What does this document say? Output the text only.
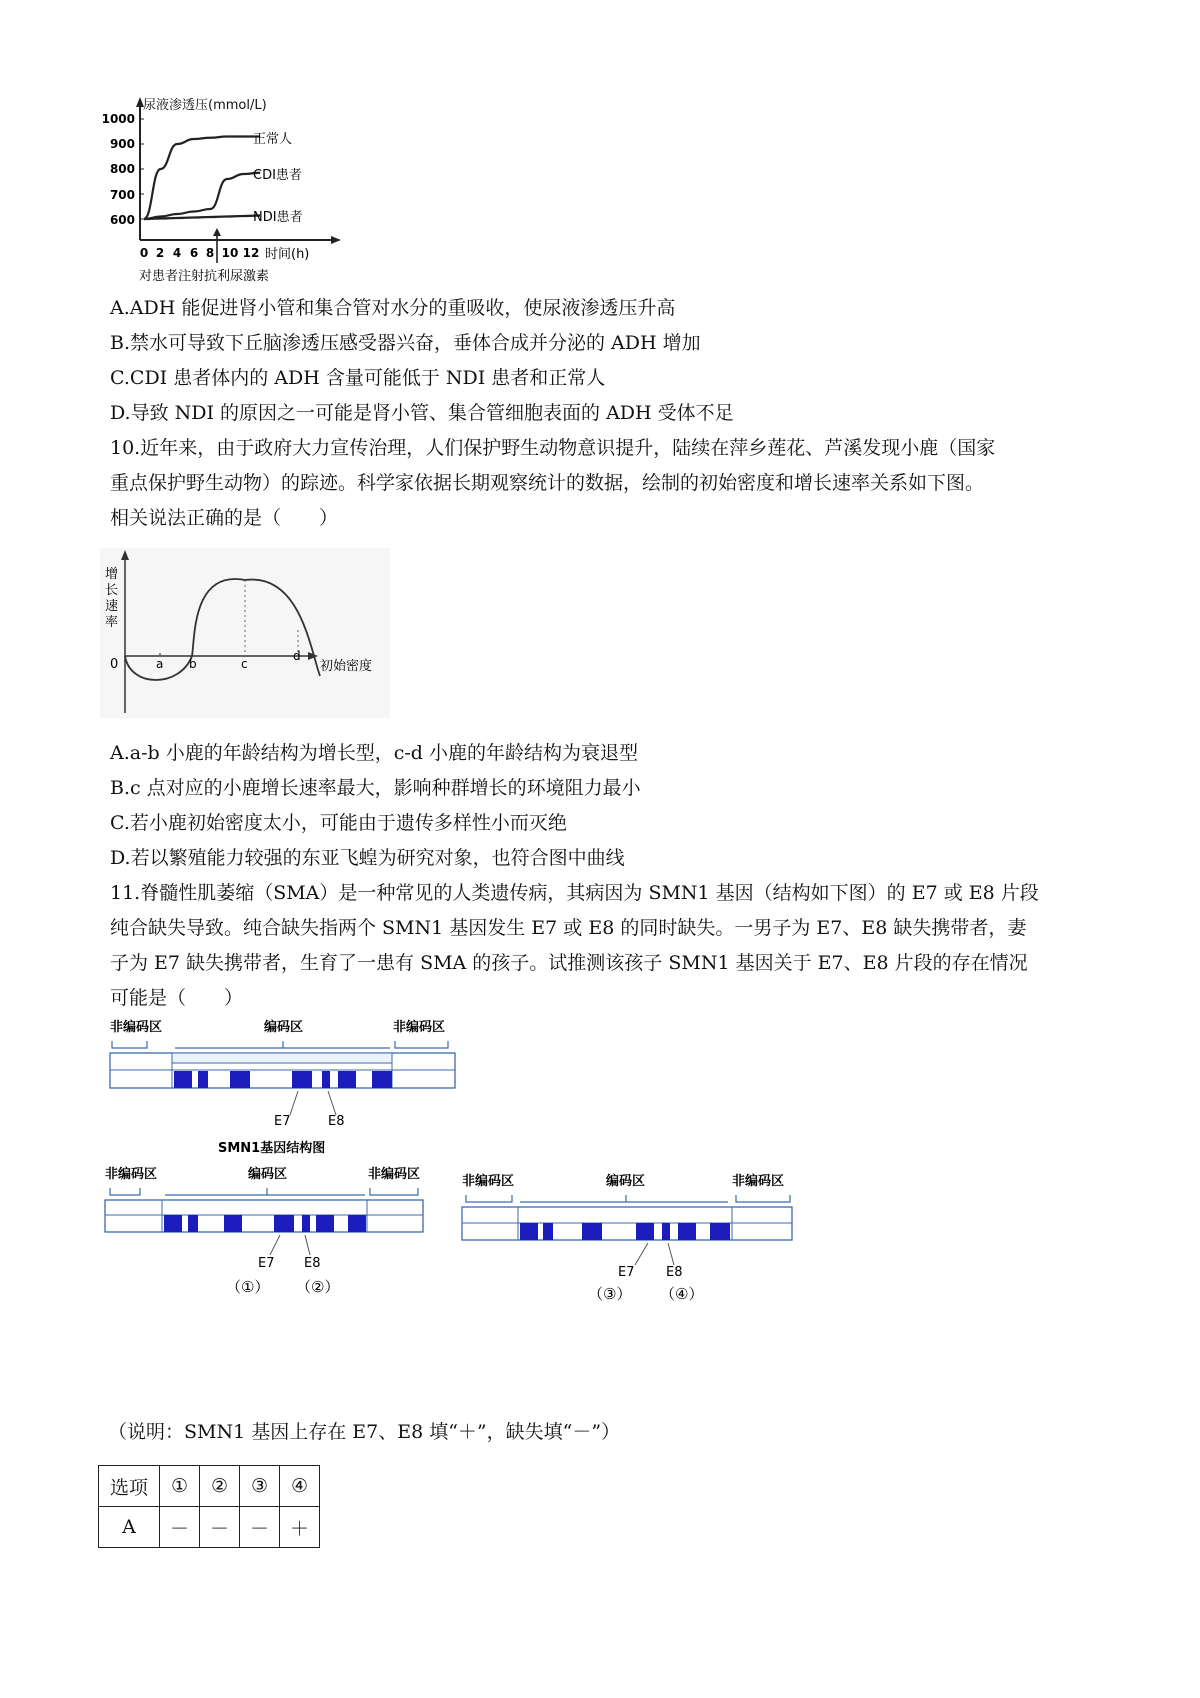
尿液渗透压(mmol/L)
1000
900
800
700
600
0 2 4 6 8 10 12 时间(h)
对患者注射抗利尿激素
正常人
CDI患者
NDI患者
A.ADH 能促进肾小管和集合管对水分的重吸收，使尿液渗透压升高
B.禁水可导致下丘脑渗透压感受器兴奋，垂体合成并分泌的 ADH 增加
C.CDI 患者体内的 ADH 含量可能低于 NDI 患者和正常人
D.导致 NDI 的原因之一可能是肾小管、集合管细胞表面的 ADH 受体不足
10.近年来，由于政府大力宣传治理，人们保护野生动物意识提升，陆续在萍乡莲花、芦溪发现小鹿（国家
重点保护野生动物）的踪迹。科学家依据长期观察统计的数据，绘制的初始密度和增长速率关系如下图。
相关说法正确的是（　　）
增
长
速
率
0	初始密度
a b	c
d
A.a-b 小鹿的年龄结构为增长型，c-d 小鹿的年龄结构为衰退型
B.c 点对应的小鹿增长速率最大，影响种群增长的环境阻力最小
C.若小鹿初始密度太小，可能由于遗传多样性小而灭绝
D.若以繁殖能力较强的东亚飞蝗为研究对象，也符合图中曲线
11.脊髓性肌萎缩（SMA）是一种常见的人类遗传病，其病因为 SMN1 基因（结构如下图）的 E7 或 E8 片段
纯合缺失导致。纯合缺失指两个 SMN1 基因发生 E7 或 E8 的同时缺失。一男子为 E7、E8 缺失携带者，妻
子为 E7 缺失携带者，生育了一患有 SMA 的孩子。试推测该孩子 SMN1 基因关于 E7、E8 片段的存在情况
可能是（　　）
非编码区	编码区	非编码区
E7	E8
SMN1基因结构图
非编码区	编码区	非编码区
E7 E8
（①） （②）
非编码区	编码区	非编码区
E7 E8
（③） （④）
（说明：SMN1 基因上存在 E7、E8 填“＋”，缺失填“－”）
选项	①	②	③	④
A	－	－	－	＋
